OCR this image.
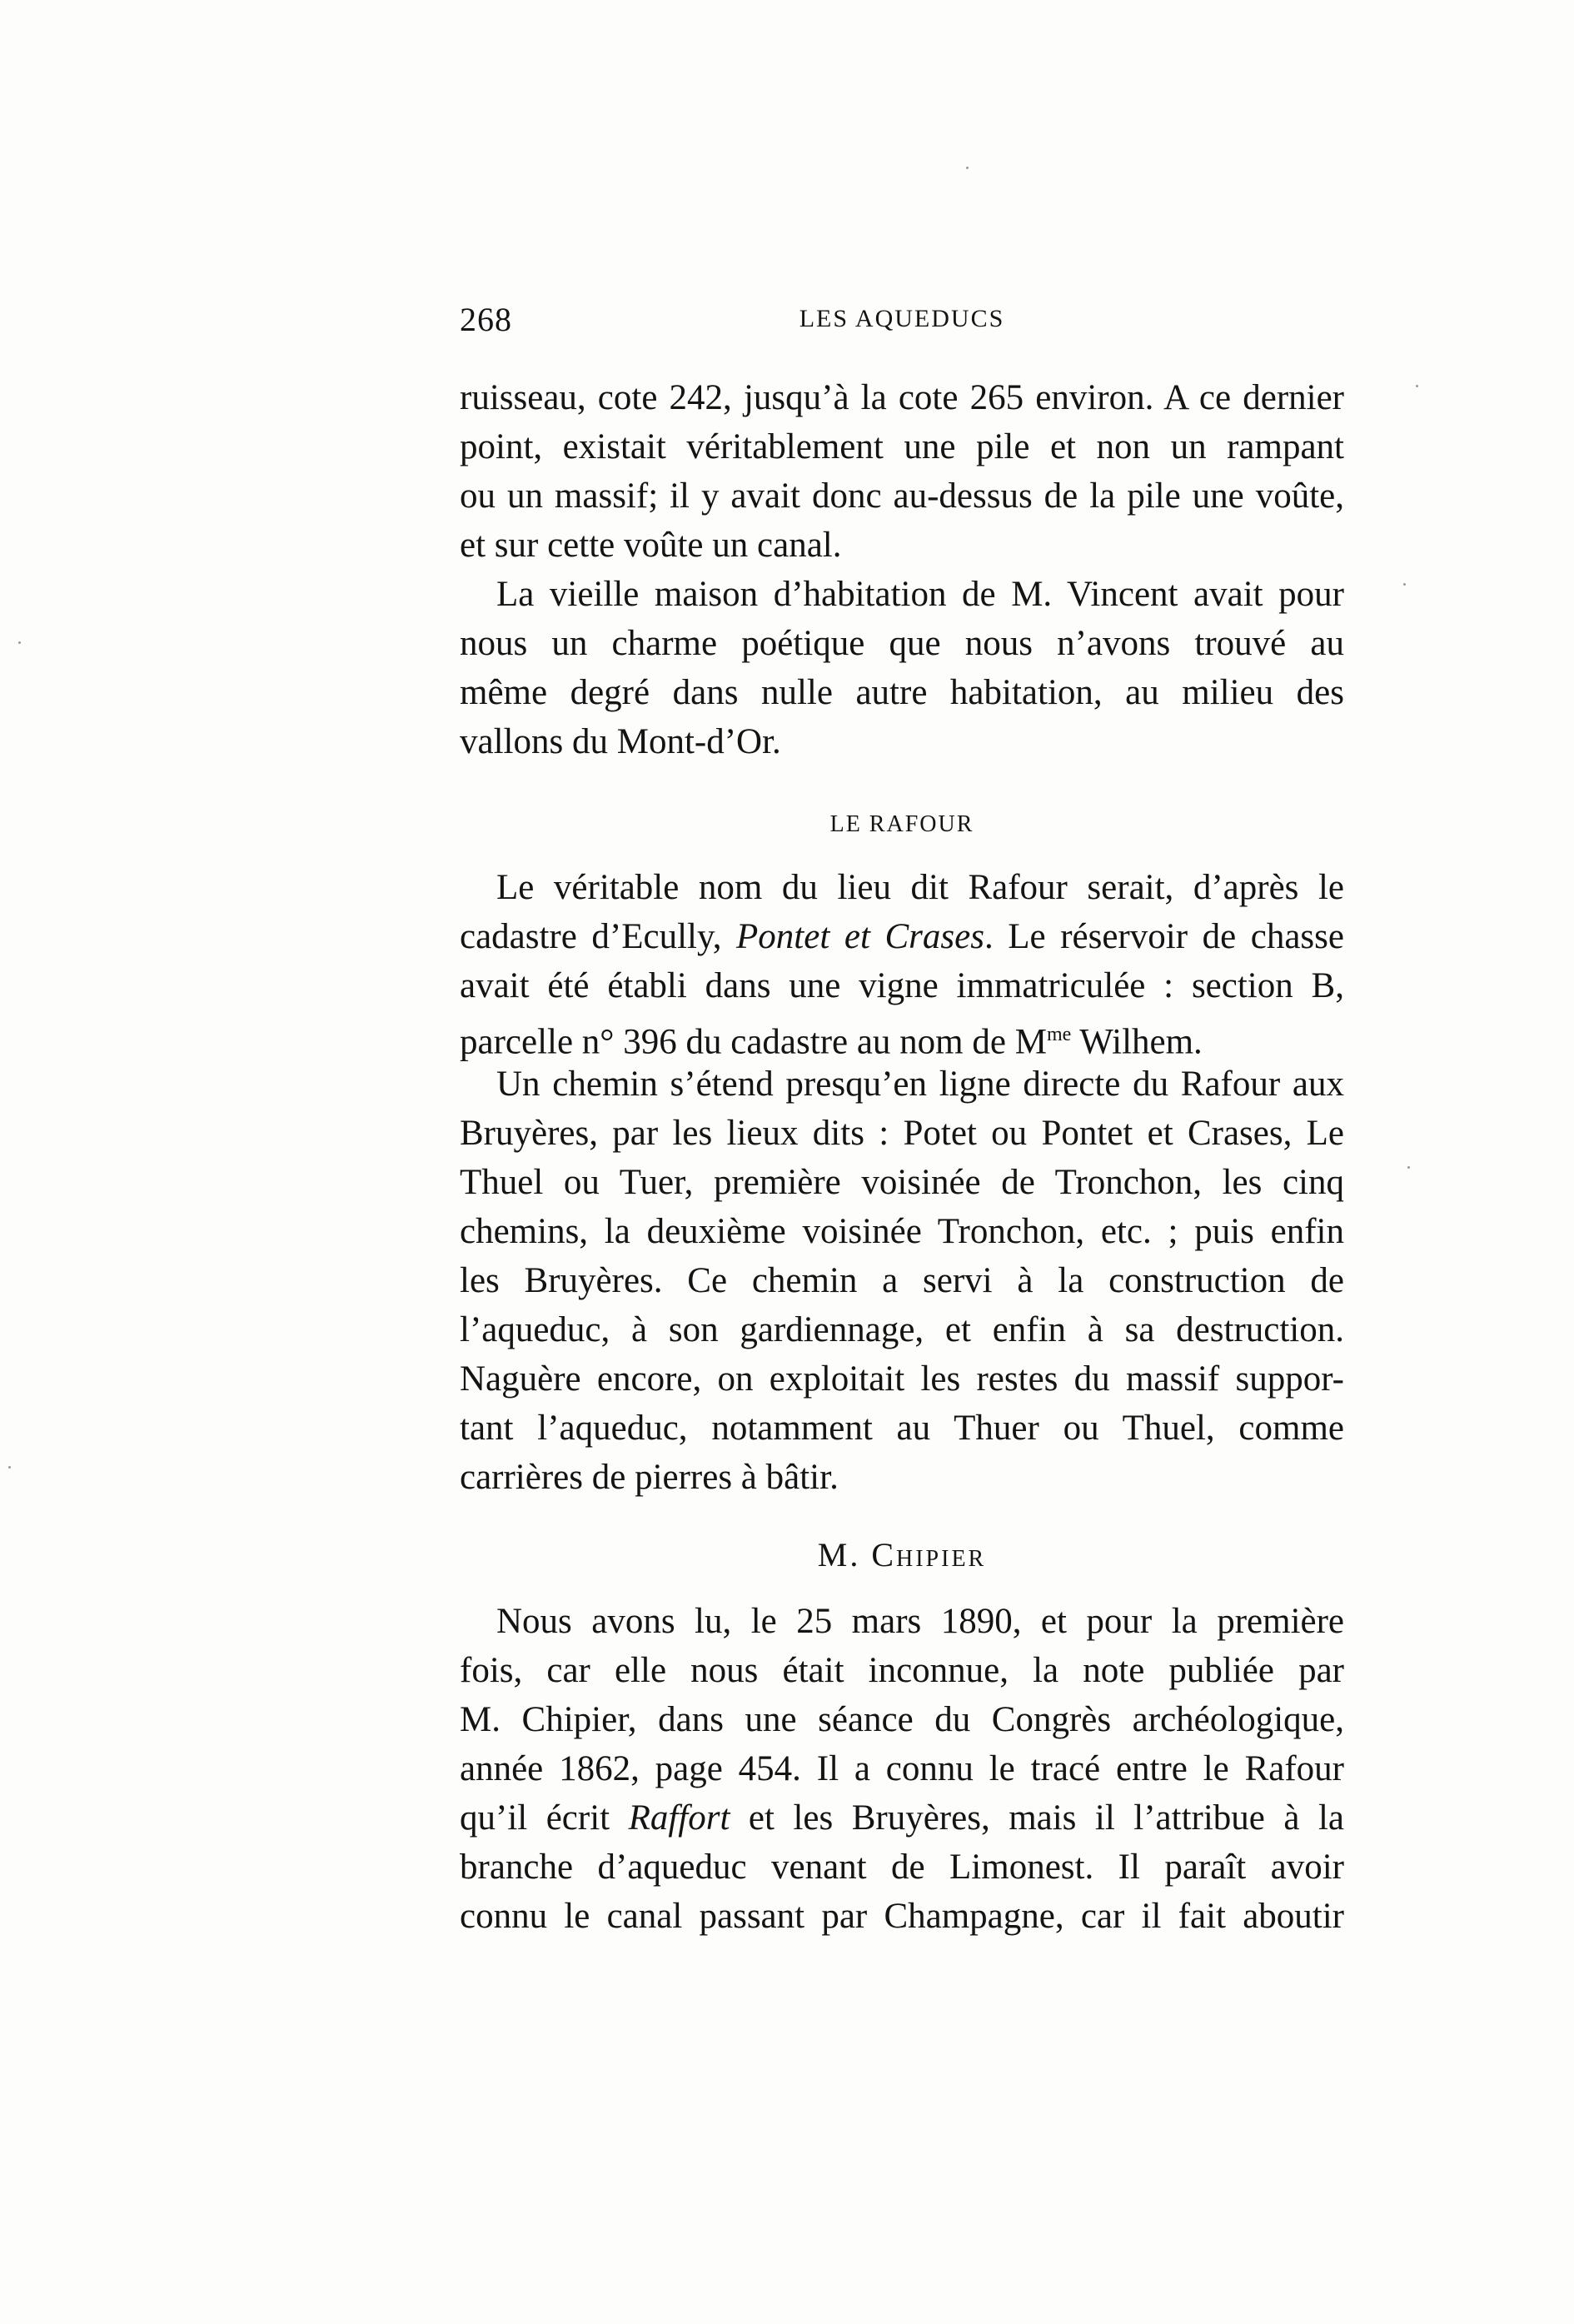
268	LES AQUEDUCS
ruisseau, cote 242, jusqu’à la cote 265 environ. A ce dernier
point, existait véritablement une pile et non un rampant
ou un massif; il y avait donc au-dessus de la pile une voûte,
et sur cette voûte un canal.
La vieille maison d’habitation de M. Vincent avait pour
nous un charme poétique que nous n’avons trouvé au
même degré dans nulle autre habitation, au milieu des
vallons du Mont-d’Or.
LE RAFOUR
Le véritable nom du lieu dit Rafour serait, d’après le
cadastre d’Ecully, Pontet et Crases. Le réservoir de chasse
avait été établi dans une vigne immatriculée : section B,
parcelle n° 396 du cadastre au nom de $M^{me}$ Wilhem.
Un chemin s’étend presqu’en ligne directe du Rafour aux
Bruyères, par les lieux dits : Potet ou Pontet et Crases, Le
Thuel ou Tuer, première voisinée de Tronchon, les cinq
chemins, la deuxième voisinée Tronchon, etc. ; puis enfin
les Bruyères. Ce chemin a servi à la construction de
l’aqueduc, à son gardiennage, et enfin à sa destruction.
Naguère encore, on exploitait les restes du massif suppor-
tant l’aqueduc, notamment au Thuer ou Thuel, comme
carrières de pierres à bâtir.
M. Chipier
Nous avons lu, le 25 mars 1890, et pour la première
fois, car elle nous était inconnue, la note publiée par
M. Chipier, dans une séance du Congrès archéologique,
année 1862, page 454. Il a connu le tracé entre le Rafour
qu’il écrit Raffort et les Bruyères, mais il l’attribue à la
branche d’aqueduc venant de Limonest. Il paraît avoir
connu le canal passant par Champagne, car il fait aboutir
